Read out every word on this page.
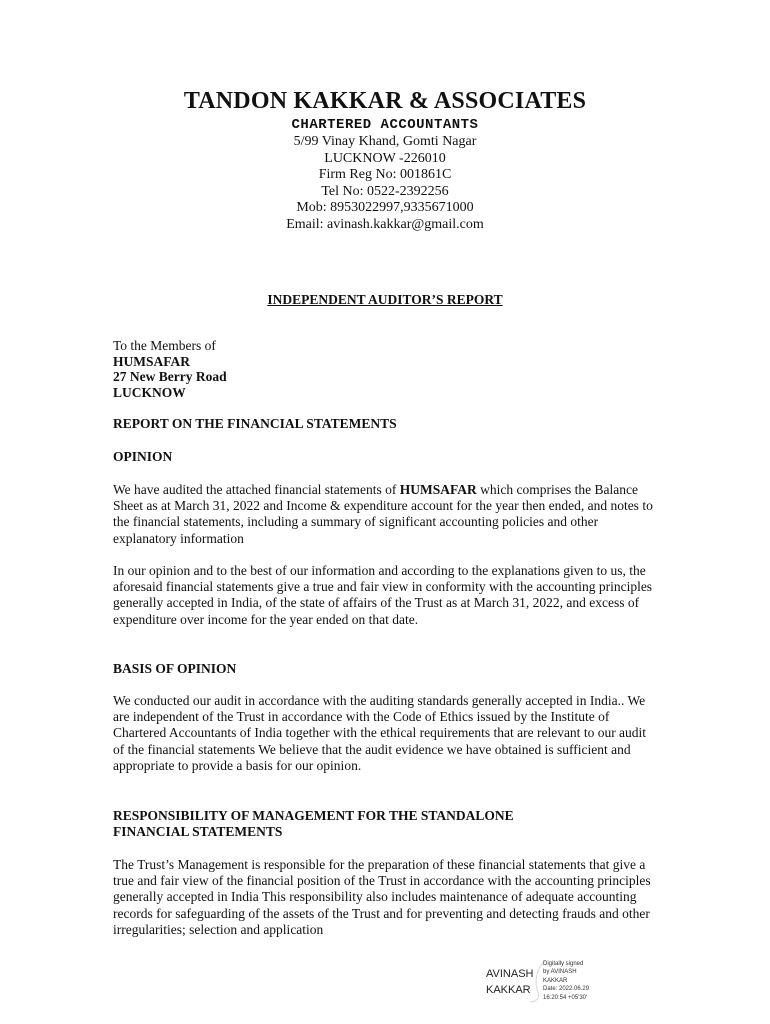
TANDON KAKKAR & ASSOCIATES
CHARTERED ACCOUNTANTS
5/99 Vinay Khand, Gomti Nagar
LUCKNOW -226010
Firm Reg No: 001861C
Tel No: 0522-2392256
Mob: 8953022997,9335671000
Email: avinash.kakkar@gmail.com
INDEPENDENT AUDITOR’S REPORT
To the Members of
HUMSAFAR
27 New Berry Road
LUCKNOW
REPORT ON THE FINANCIAL STATEMENTS
OPINION

We have audited the attached financial statements of HUMSAFAR which comprises the Balance Sheet as at March 31, 2022 and Income & expenditure account for the year then ended, and notes to the financial statements, including a summary of significant accounting policies and other explanatory information

In our opinion and to the best of our information and according to the explanations given to us, the aforesaid financial statements give a true and fair view in conformity with the accounting principles generally accepted in India, of the state of affairs of the Trust as at March 31, 2022, and excess of expenditure over income for the year ended on that date.

BASIS OF OPINION

We conducted our audit in accordance with the auditing standards generally accepted in India.. We are independent of the Trust in accordance with the Code of Ethics issued by the Institute of Chartered Accountants of India together with the ethical requirements that are relevant to our audit of the financial statements We believe that the audit evidence we have obtained is sufficient and appropriate to provide a basis for our opinion.

RESPONSIBILITY OF MANAGEMENT FOR THE STANDALONE
FINANCIAL STATEMENTS

The Trust’s Management is responsible for the preparation of these financial statements that give a true and fair view of the financial position of the Trust in accordance with the accounting principles generally accepted in India This responsibility also includes maintenance of adequate accounting records for safeguarding of the assets of the Trust and for preventing and detecting frauds and other irregularities; selection and application

AVINASH
KAKKAR
Digitally signed
by AVINASH
KAKKAR
Date: 2022.06.29
16:20:54 +05'30'
